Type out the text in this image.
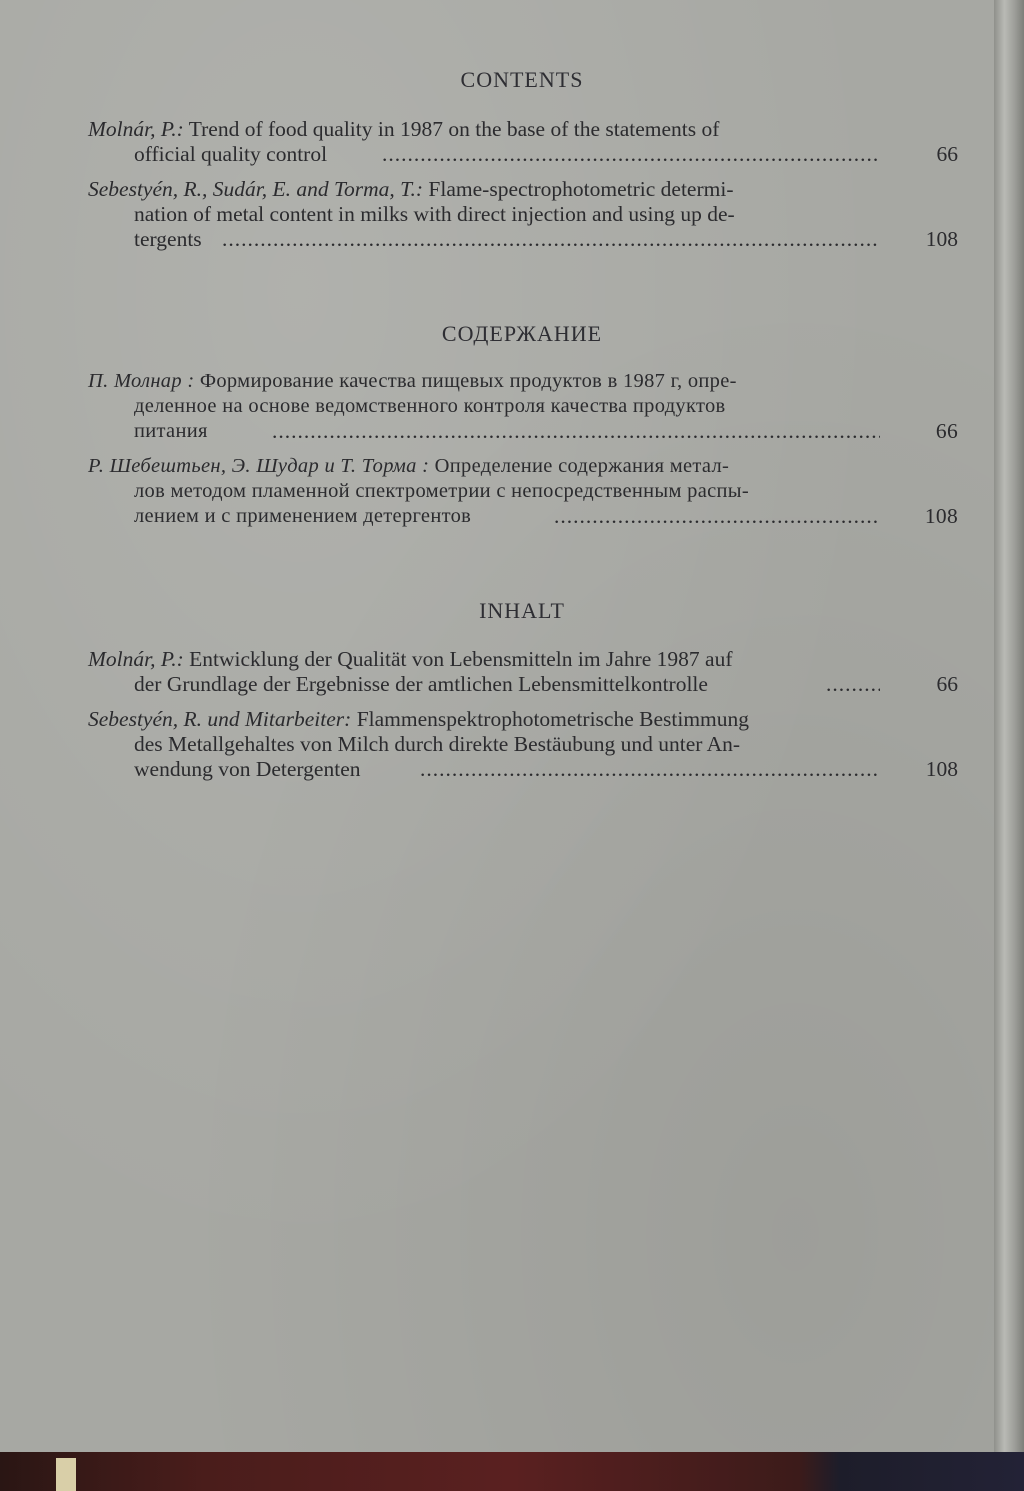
CONTENTS
Molnár, P.: Trend of food quality in 1987 on the base of the statements of
official quality control .....	66
Sebestyén, R., Sudár, E. and Torma, T.: Flame-spectrophotometric determi-
nation of metal content in milks with direct injection and using up de-
tergents .....	108
СОДЕРЖАНИЕ
П. Молнар : Формирование качества пищевых продуктов в 1987 г, опре-
деленное на основе ведомственного контроля качества продуктов
питания .....	66
Р. Шебештьен, Э. Шудар и Т. Торма : Определение содержания метал-
лов методом пламенной спектрометрии с непосредственным распы-
лением и с применением детергентов .....	108
INHALT
Molnár, P.: Entwicklung der Qualität von Lebensmitteln im Jahre 1987 auf
der Grundlage der Ergebnisse der amtlichen Lebensmittelkontrolle .....	66
Sebestyén, R. und Mitarbeiter: Flammenspektrophotometrische Bestimmung
des Metallgehaltes von Milch durch direkte Bestäubung und unter An-
wendung von Detergenten .....	108
